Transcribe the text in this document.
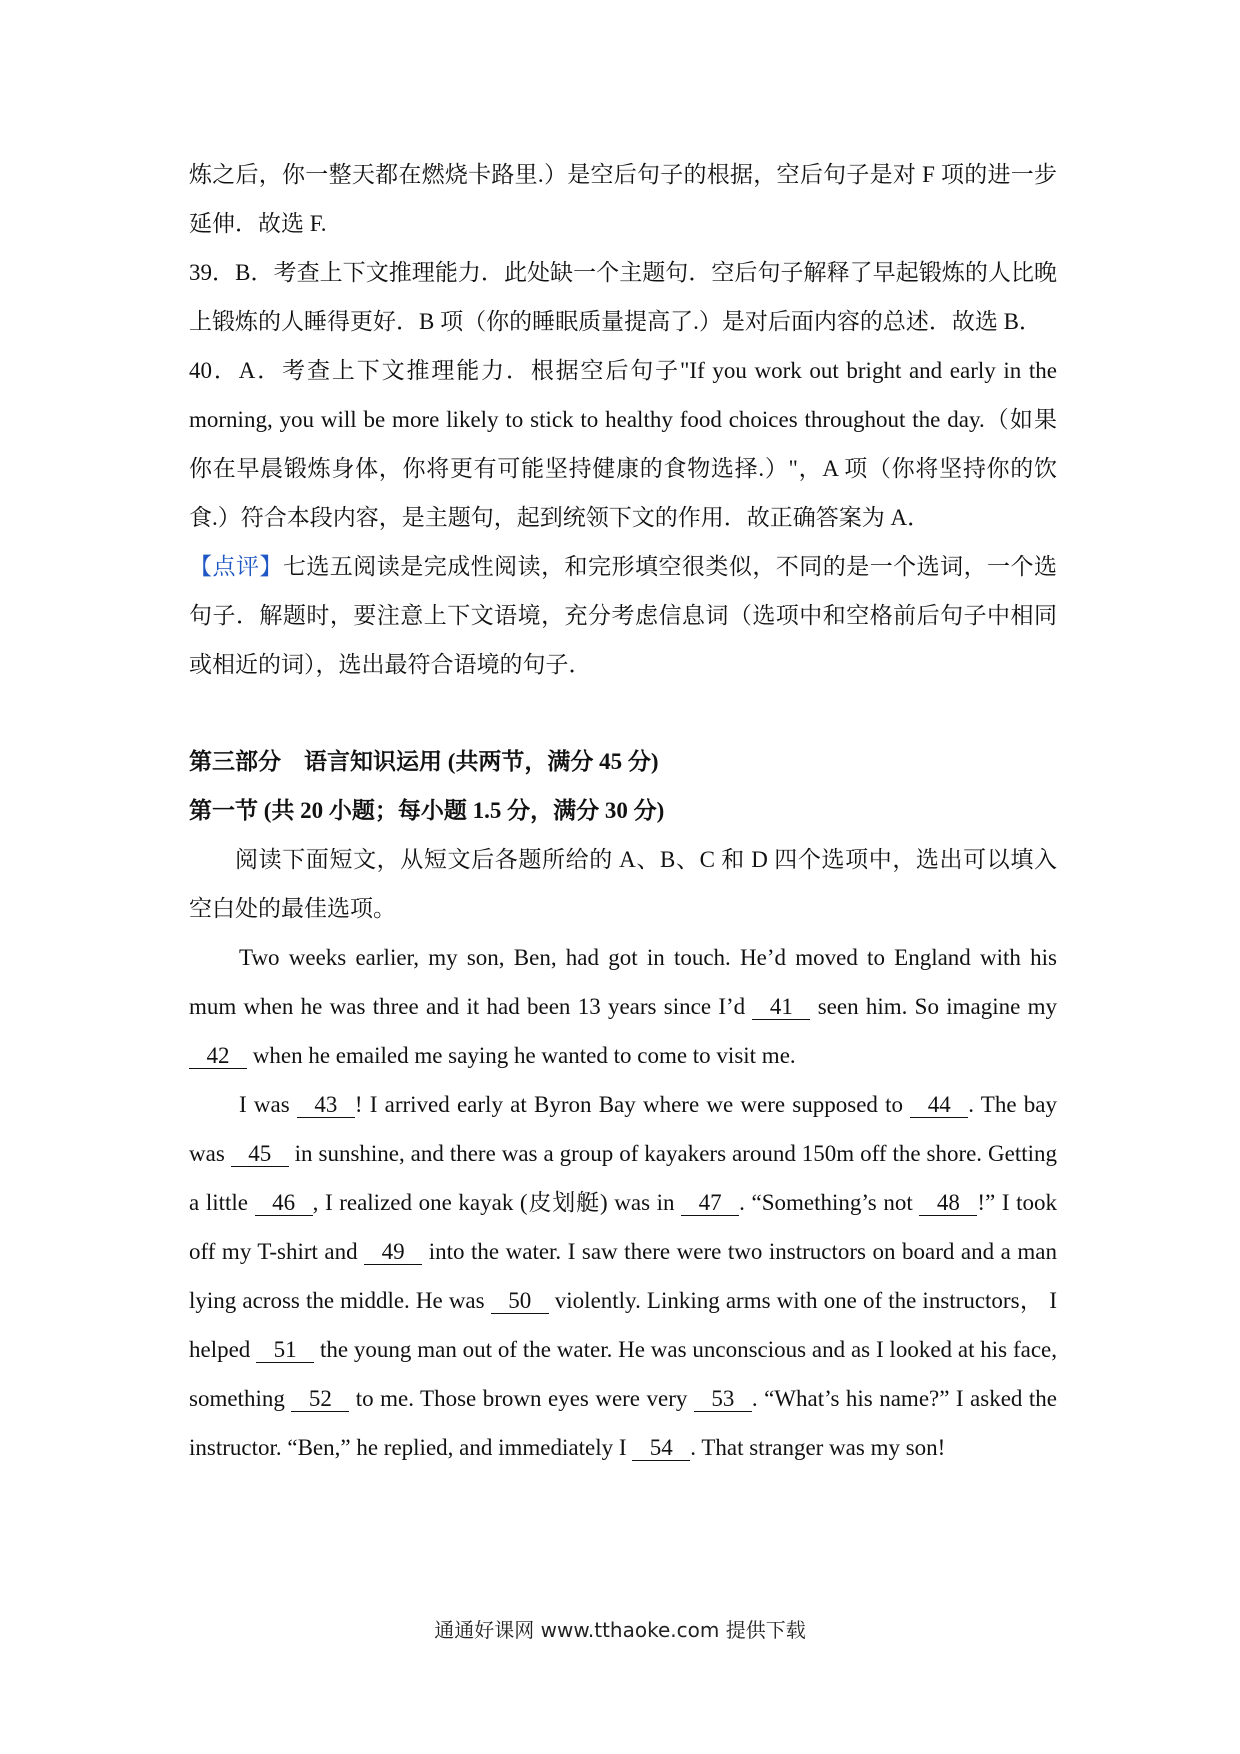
炼之后，你一整天都在燃烧卡路里.）是空后句子的根据，空后句子是对 F 项的进一步延伸．故选 F.

39．B．考查上下文推理能力．此处缺一个主题句．空后句子解释了早起锻炼的人比晚上锻炼的人睡得更好．B 项（你的睡眠质量提高了.）是对后面内容的总述．故选 B．

40．A．考查上下文推理能力．根据空后句子"If you work out bright and early in the morning, you will be more likely to stick to healthy food choices throughout the day.（如果你在早晨锻炼身体，你将更有可能坚持健康的食物选择.）"，A 项（你将坚持你的饮食.）符合本段内容，是主题句，起到统领下文的作用．故正确答案为 A．

【点评】七选五阅读是完成性阅读，和完形填空很类似，不同的是一个选词，一个选句子．解题时，要注意上下文语境，充分考虑信息词（选项中和空格前后句子中相同或相近的词），选出最符合语境的句子．

第三部分　语言知识运用 (共两节，满分 45 分)
第一节 (共 20 小题；每小题 1.5 分，满分 30 分)

阅读下面短文，从短文后各题所给的 A、B、C 和 D 四个选项中，选出可以填入空白处的最佳选项。

Two weeks earlier, my son, Ben, had got in touch. He’d moved to England with his mum when he was three and it had been 13 years since I’d 41 seen him. So imagine my 42 when he emailed me saying he wanted to come to visit me.

I was 43 ! I arrived early at Byron Bay where we were supposed to 44 . The bay was 45 in sunshine, and there was a group of kayakers around 150m off the shore. Getting a little 46 , I realized one kayak (皮划艇) was in 47 . “Something’s not 48 !” I took off my T-shirt and 49 into the water. I saw there were two instructors on board and a man lying across the middle. He was 50 violently. Linking arms with one of the instructors， I helped 51 the young man out of the water. He was unconscious and as I looked at his face, something 52 to me. Those brown eyes were very 53 . “What’s his name?” I asked the instructor. “Ben,” he replied, and immediately I 54 . That stranger was my son!

通通好课网 www.tthaoke.com 提供下载
